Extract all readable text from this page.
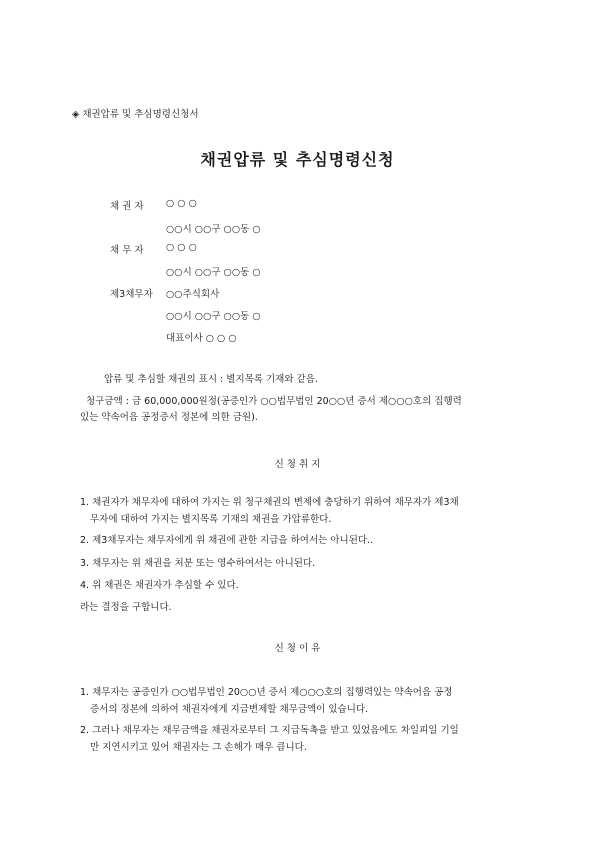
◈ 채권압류 및 추심명령신청서
채권압류 및 추심명령신청
채 권 자	○ ○ ○
○○시 ○○구 ○○동 ○
채 무 자	○ ○ ○
○○시 ○○구 ○○동 ○
제3채무자	○○주식회사
○○시 ○○구 ○○동 ○
대표이사 ○ ○ ○
압류 및 추심할 채권의 표시 : 별지목록 기재와 같음.
청구금액 : 금 60,000,000원정(공증인가 ○○법무법인 20○○년 증서 제○○○호의 집행력
있는 약속어음 공정증서 정본에 의한 금원).
신 청 취 지
1. 채권자가 채무자에 대하여 가지는 위 청구채권의 변제에 충당하기 위하여 채무자가 제3채
무자에 대하여 가지는 별지목록 기재의 채권을 가압류한다.
2. 제3채무자는 채무자에게 위 채권에 관한 지급을 하여서는 아니된다..
3. 채무자는 위 채권을 처분 또는 영수하여서는 아니된다.
4. 위 채권은 채권자가 추심할 수 있다.
라는 결정을 구합니다.
신 청 이 유
1. 채무자는 공증인가 ○○법무법인 20○○년 증서 제○○○호의 집행력있는 약속어음 공정
증서의 정본에 의하여 채권자에게 지급변제할 채무금액이 있습니다.
2. 그러나 채무자는 채무금액을 채권자로부터 그 지급독촉을 받고 있었음에도 차일피일 기일
만 지연시키고 있어 채권자는 그 손해가 매우 큽니다.
